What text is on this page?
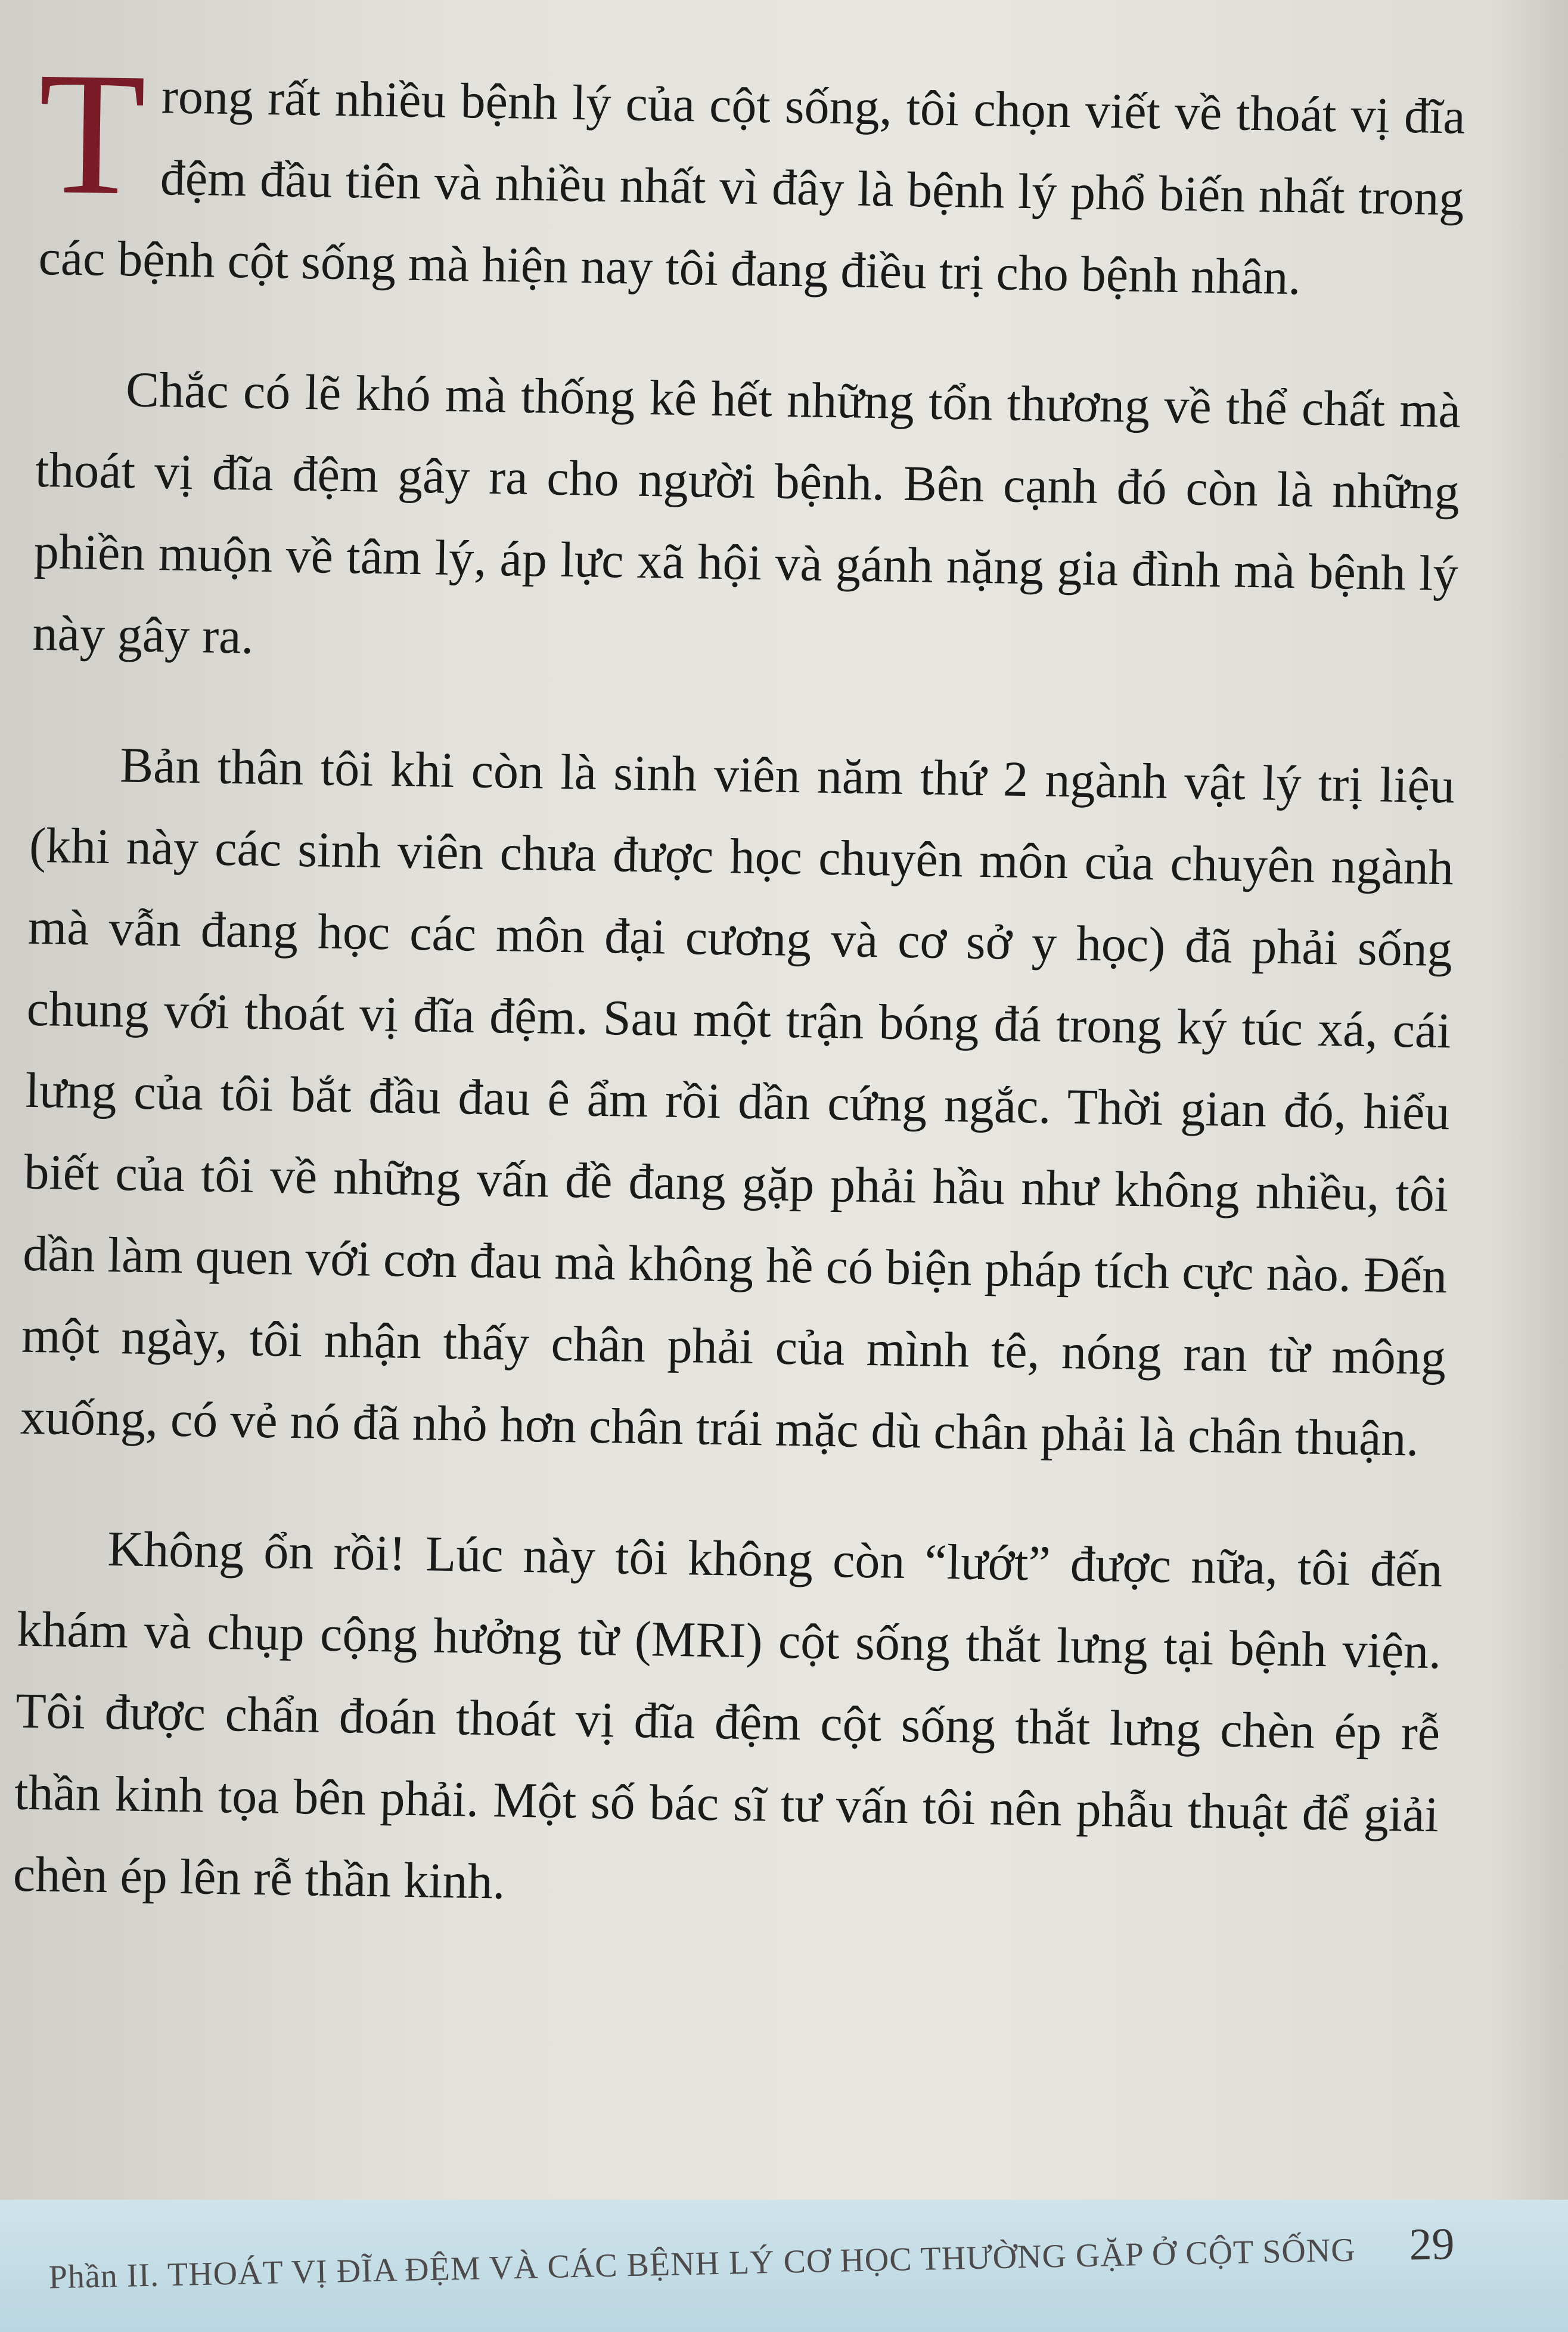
Trong rất nhiều bệnh lý của cột sống, tôi chọn viết về thoát vị đĩa đệm đầu tiên và nhiều nhất vì đây là bệnh lý phổ biến nhất trong các bệnh cột sống mà hiện nay tôi đang điều trị cho bệnh nhân.

Chắc có lẽ khó mà thống kê hết những tổn thương về thể chất mà thoát vị đĩa đệm gây ra cho người bệnh. Bên cạnh đó còn là những phiền muộn về tâm lý, áp lực xã hội và gánh nặng gia đình mà bệnh lý này gây ra.

Bản thân tôi khi còn là sinh viên năm thứ 2 ngành vật lý trị liệu (khi này các sinh viên chưa được học chuyên môn của chuyên ngành mà vẫn đang học các môn đại cương và cơ sở y học) đã phải sống chung với thoát vị đĩa đệm. Sau một trận bóng đá trong ký túc xá, cái lưng của tôi bắt đầu đau ê ẩm rồi dần cứng ngắc. Thời gian đó, hiểu biết của tôi về những vấn đề đang gặp phải hầu như không nhiều, tôi dần làm quen với cơn đau mà không hề có biện pháp tích cực nào. Đến một ngày, tôi nhận thấy chân phải của mình tê, nóng ran từ mông xuống, có vẻ nó đã nhỏ hơn chân trái mặc dù chân phải là chân thuận.

Không ổn rồi! Lúc này tôi không còn “lướt” được nữa, tôi đến khám và chụp cộng hưởng từ (MRI) cột sống thắt lưng tại bệnh viện. Tôi được chẩn đoán thoát vị đĩa đệm cột sống thắt lưng chèn ép rễ thần kinh tọa bên phải. Một số bác sĩ tư vấn tôi nên phẫu thuật để giải chèn ép lên rễ thần kinh.

Phần II. THOÁT VỊ ĐĨA ĐỆM VÀ CÁC BỆNH LÝ CƠ HỌC THƯỜNG GẶP Ở CỘT SỐNG 29
